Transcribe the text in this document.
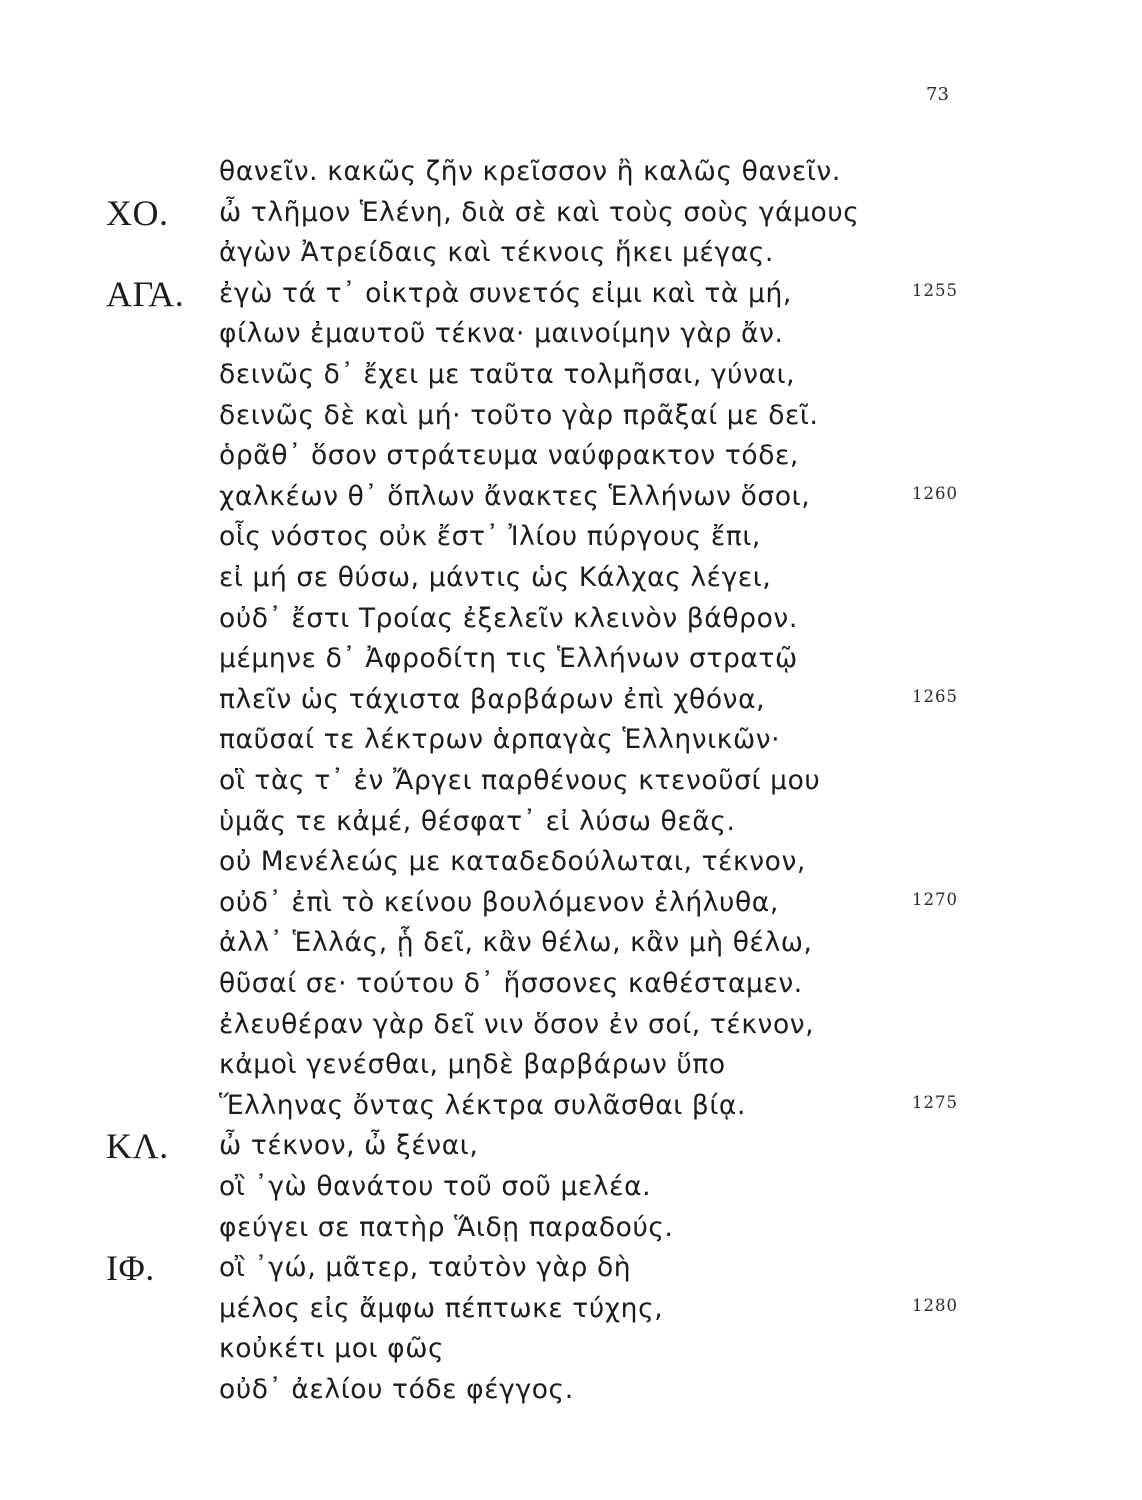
73
θανεῖν. κακῶς ζῆν κρεῖσσον ἢ καλῶς θανεῖν.
ΧΟ. ὦ τλῆμον Ἑλένη, διὰ σὲ καὶ τοὺς σοὺς γάμους
ἀγὼν Ἀτρείδαις καὶ τέκνοις ἥκει μέγας.
ΑΓΑ. ἐγὼ τά τ᾽ οἰκτρὰ συνετός εἰμι καὶ τὰ μή,	1255
φίλων ἐμαυτοῦ τέκνα· μαινοίμην γὰρ ἄν.
δεινῶς δ᾽ ἔχει με ταῦτα τολμῆσαι, γύναι,
δεινῶς δὲ καὶ μή· τοῦτο γὰρ πρᾶξαί με δεῖ.
ὁρᾶθ᾽ ὅσον στράτευμα ναύφρακτον τόδε,
χαλκέων θ᾽ ὅπλων ἄνακτες Ἑλλήνων ὅσοι,	1260
οἷς νόστος οὐκ ἔστ᾽ Ἰλίου πύργους ἔπι,
εἰ μή σε θύσω, μάντις ὡς Κάλχας λέγει,
οὐδ᾽ ἔστι Τροίας ἐξελεῖν κλεινὸν βάθρον.
μέμηνε δ᾽ Ἀφροδίτη τις Ἑλλήνων στρατῷ
πλεῖν ὡς τάχιστα βαρβάρων ἐπὶ χθόνα,	1265
παῦσαί τε λέκτρων ἁρπαγὰς Ἑλληνικῶν·
οἳ τὰς τ᾽ ἐν Ἄργει παρθένους κτενοῦσί μου
ὑμᾶς τε κἀμέ, θέσφατ᾽ εἰ λύσω θεᾶς.
οὐ Μενέλεώς με καταδεδούλωται, τέκνον,
οὐδ᾽ ἐπὶ τὸ κείνου βουλόμενον ἐλήλυθα,	1270
ἀλλ᾽ Ἑλλάς, ᾗ δεῖ, κἂν θέλω, κἂν μὴ θέλω,
θῦσαί σε· τούτου δ᾽ ἥσσονες καθέσταμεν.
ἐλευθέραν γὰρ δεῖ νιν ὅσον ἐν σοί, τέκνον,
κἀμοὶ γενέσθαι, μηδὲ βαρβάρων ὕπο
Ἕλληνας ὄντας λέκτρα συλᾶσθαι βίᾳ.	1275
ΚΛ. ὦ τέκνον, ὦ ξέναι,
οἲ ᾽γὼ θανάτου τοῦ σοῦ μελέα.
φεύγει σε πατὴρ Ἅιδῃ παραδούς.
ΙΦ. οἲ ᾽γώ, μᾶτερ, ταὐτὸν γὰρ δὴ
μέλος εἰς ἄμφω πέπτωκε τύχης,	1280
κοὐκέτι μοι φῶς
οὐδ᾽ ἀελίου τόδε φέγγος.
